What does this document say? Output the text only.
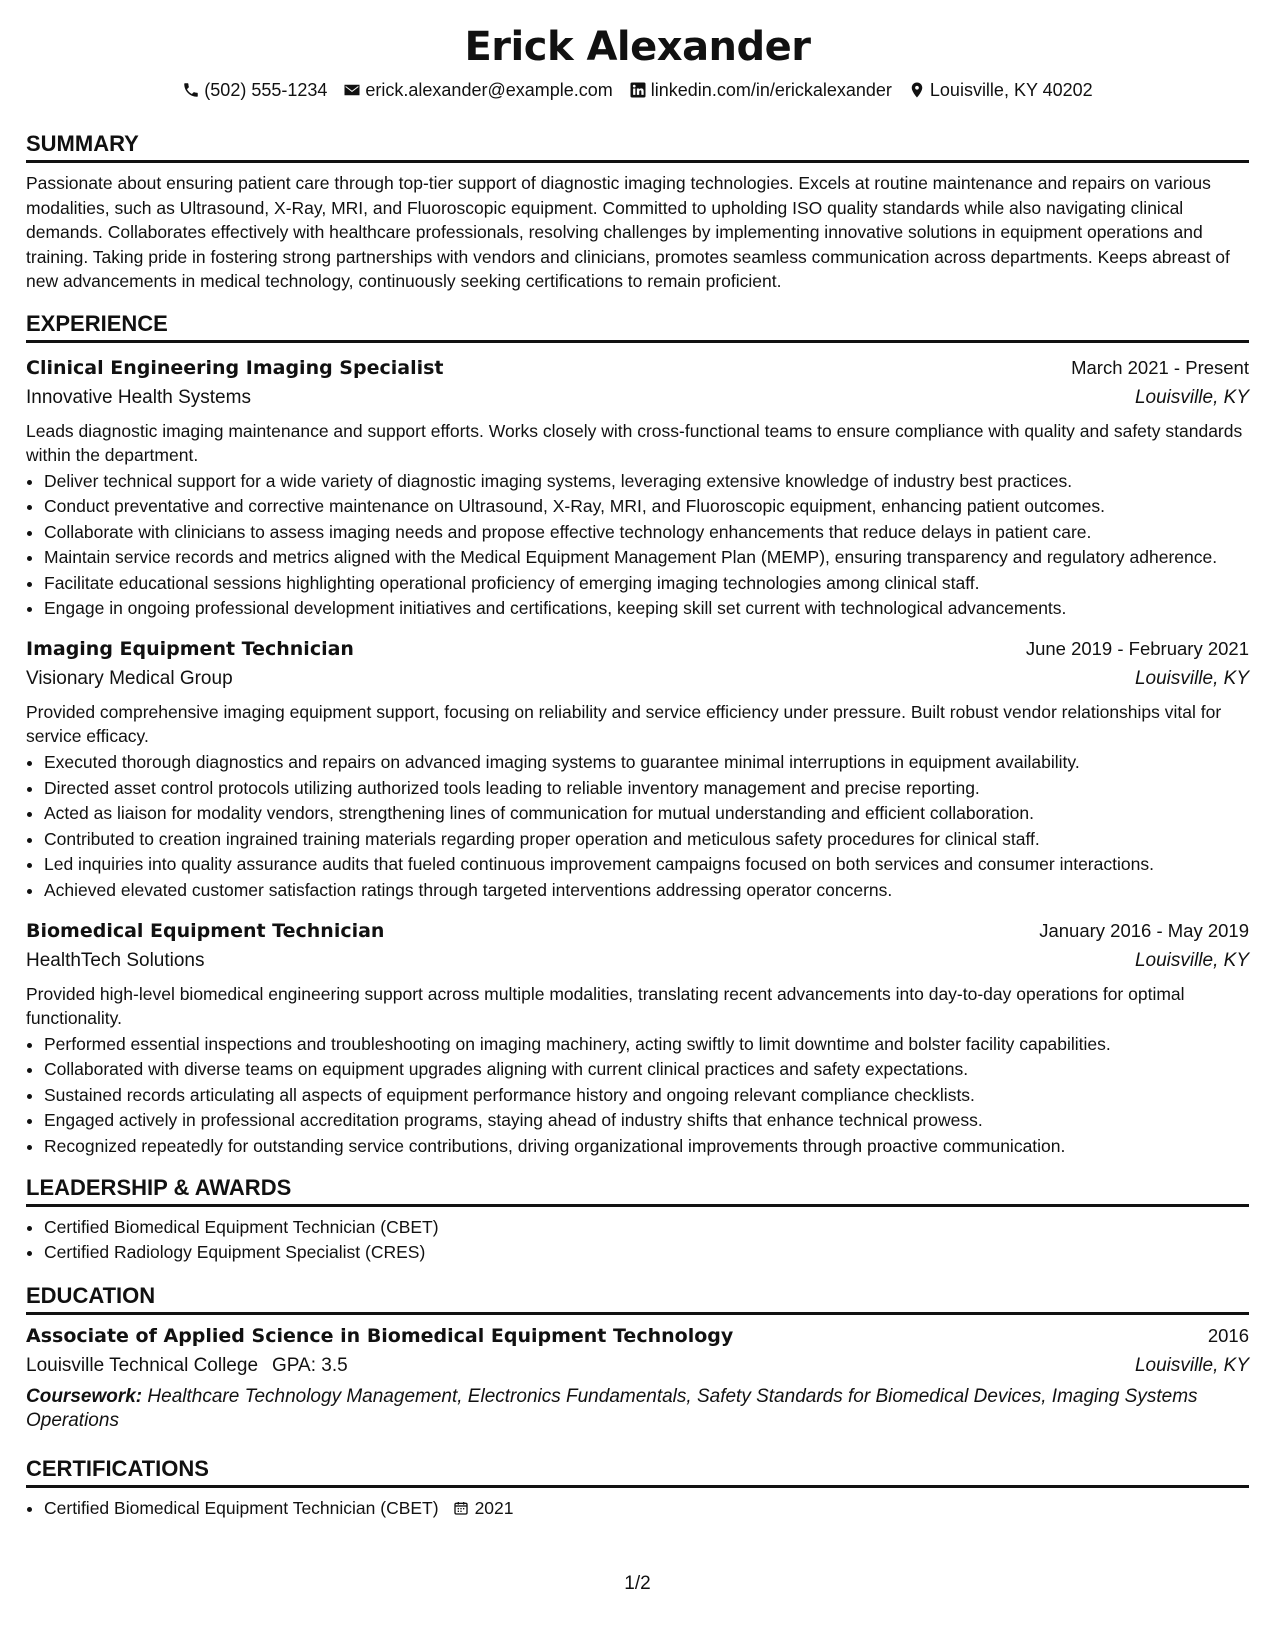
Erick Alexander
(502) 555-1234 erick.alexander@example.com linkedin.com/in/erickalexander Louisville, KY 40202
SUMMARY

Passionate about ensuring patient care through top-tier support of diagnostic imaging technologies. Excels at routine maintenance and repairs on various modalities, such as Ultrasound, X-Ray, MRI, and Fluoroscopic equipment. Committed to upholding ISO quality standards while also navigating clinical demands. Collaborates effectively with healthcare professionals, resolving challenges by implementing innovative solutions in equipment operations and training. Taking pride in fostering strong partnerships with vendors and clinicians, promotes seamless communication across departments. Keeps abreast of new advancements in medical technology, continuously seeking certifications to remain proficient.

EXPERIENCE
Clinical Engineering Imaging Specialist	March 2021 - Present
Innovative Health Systems	Louisville, KY

Leads diagnostic imaging maintenance and support efforts. Works closely with cross-functional teams to ensure compliance with quality and safety standards within the department.

• Deliver technical support for a wide variety of diagnostic imaging systems, leveraging extensive knowledge of industry best practices.
• Conduct preventative and corrective maintenance on Ultrasound, X-Ray, MRI, and Fluoroscopic equipment, enhancing patient outcomes.
• Collaborate with clinicians to assess imaging needs and propose effective technology enhancements that reduce delays in patient care.
• Maintain service records and metrics aligned with the Medical Equipment Management Plan (MEMP), ensuring transparency and regulatory adherence.
• Facilitate educational sessions highlighting operational proficiency of emerging imaging technologies among clinical staff.
• Engage in ongoing professional development initiatives and certifications, keeping skill set current with technological advancements.
Imaging Equipment Technician	June 2019 - February 2021
Visionary Medical Group	Louisville, KY

Provided comprehensive imaging equipment support, focusing on reliability and service efficiency under pressure. Built robust vendor relationships vital for service efficacy.

• Executed thorough diagnostics and repairs on advanced imaging systems to guarantee minimal interruptions in equipment availability.
• Directed asset control protocols utilizing authorized tools leading to reliable inventory management and precise reporting.
• Acted as liaison for modality vendors, strengthening lines of communication for mutual understanding and efficient collaboration.
• Contributed to creation ingrained training materials regarding proper operation and meticulous safety procedures for clinical staff.
• Led inquiries into quality assurance audits that fueled continuous improvement campaigns focused on both services and consumer interactions.
• Achieved elevated customer satisfaction ratings through targeted interventions addressing operator concerns.
Biomedical Equipment Technician	January 2016 - May 2019
HealthTech Solutions	Louisville, KY

Provided high-level biomedical engineering support across multiple modalities, translating recent advancements into day-to-day operations for optimal functionality.

• Performed essential inspections and troubleshooting on imaging machinery, acting swiftly to limit downtime and bolster facility capabilities.
• Collaborated with diverse teams on equipment upgrades aligning with current clinical practices and safety expectations.
• Sustained records articulating all aspects of equipment performance history and ongoing relevant compliance checklists.
• Engaged actively in professional accreditation programs, staying ahead of industry shifts that enhance technical prowess.
• Recognized repeatedly for outstanding service contributions, driving organizational improvements through proactive communication.
LEADERSHIP & AWARDS
• Certified Biomedical Equipment Technician (CBET)
• Certified Radiology Equipment Specialist (CRES)
EDUCATION
Associate of Applied Science in Biomedical Equipment Technology	2016
Louisville Technical College GPA: 3.5	Louisville, KY
Coursework: Healthcare Technology Management, Electronics Fundamentals, Safety Standards for Biomedical Devices, Imaging Systems Operations
CERTIFICATIONS
• Certified Biomedical Equipment Technician (CBET) 2021
1/2
